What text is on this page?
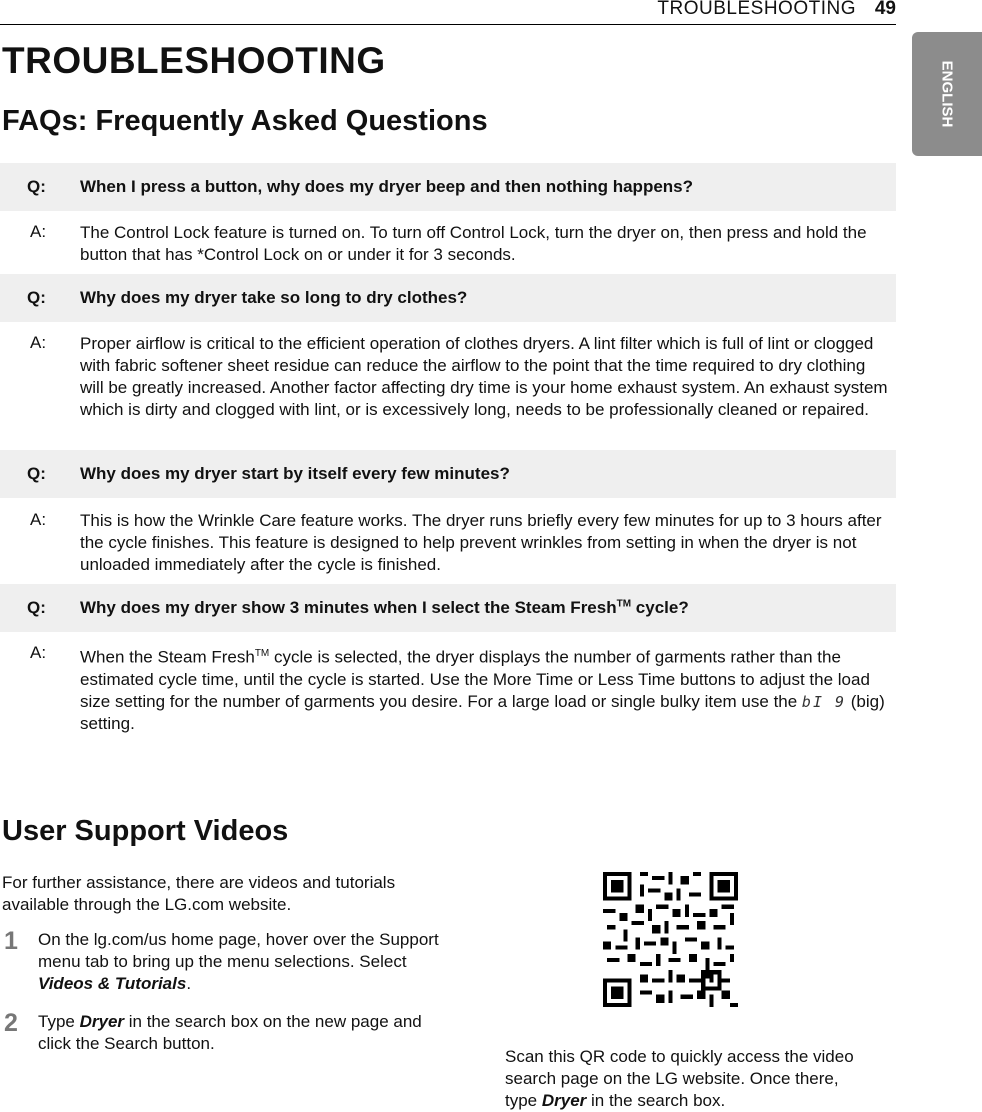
TROUBLESHOOTING 49
ENGLISH
TROUBLESHOOTING
FAQs: Frequently Asked Questions
Q: When I press a button, why does my dryer beep and then nothing happens?
A: The Control Lock feature is turned on. To turn off Control Lock, turn the dryer on, then press and hold the button that has *Control Lock on or under it for 3 seconds.
Q: Why does my dryer take so long to dry clothes?
A: Proper airflow is critical to the efficient operation of clothes dryers. A lint filter which is full of lint or clogged with fabric softener sheet residue can reduce the airflow to the point that the time required to dry clothing will be greatly increased. Another factor affecting dry time is your home exhaust system. An exhaust system which is dirty and clogged with lint, or is excessively long, needs to be professionally cleaned or repaired.
Q: Why does my dryer start by itself every few minutes?
A: This is how the Wrinkle Care feature works. The dryer runs briefly every few minutes for up to 3 hours after the cycle finishes. This feature is designed to help prevent wrinkles from setting in when the dryer is not unloaded immediately after the cycle is finished.
Q: Why does my dryer show 3 minutes when I select the Steam Fresh™ cycle?
A: When the Steam Fresh™ cycle is selected, the dryer displays the number of garments rather than the estimated cycle time, until the cycle is started. Use the More Time or Less Time buttons to adjust the load size setting for the number of garments you desire. For a large load or single bulky item use the bI 9 (big) setting.
User Support Videos
For further assistance, there are videos and tutorials available through the LG.com website.
1 On the lg.com/us home page, hover over the Support menu tab to bring up the menu selections. Select Videos & Tutorials.
2 Type Dryer in the search box on the new page and click the Search button.
Scan this QR code to quickly access the video search page on the LG website. Once there, type Dryer in the search box.
